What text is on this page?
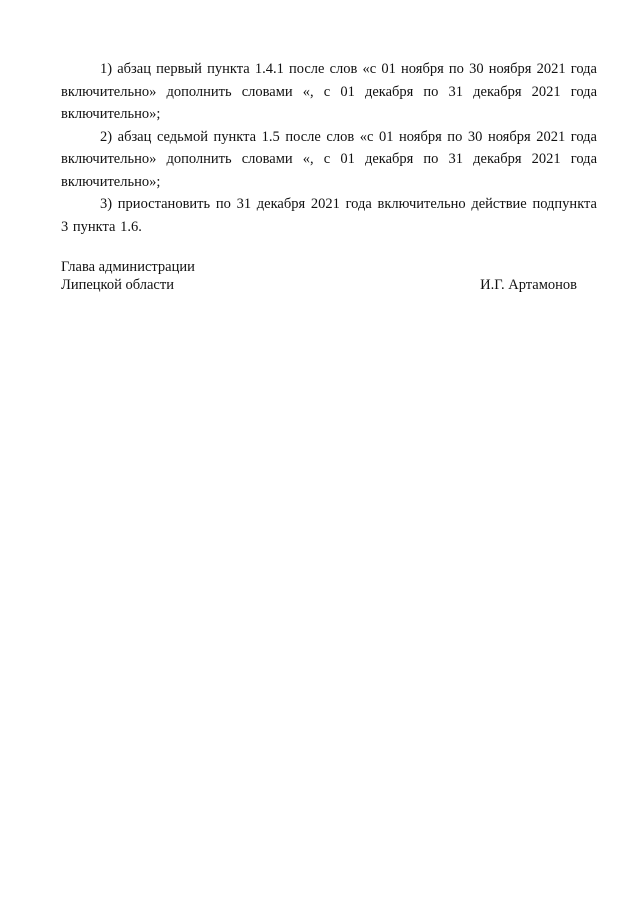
1) абзац первый пункта 1.4.1 после слов «с 01 ноября по 30 ноября 2021 года включительно» дополнить словами «, с 01 декабря по 31 декабря 2021 года включительно»;

2) абзац седьмой пункта 1.5 после слов «с 01 ноября по 30 ноября 2021 года включительно» дополнить словами «, с 01 декабря по 31 декабря 2021 года включительно»;

3) приостановить по 31 декабря 2021 года включительно действие подпункта 3 пункта 1.6.

Глава администрации
Липецкой области	И.Г. Артамонов
